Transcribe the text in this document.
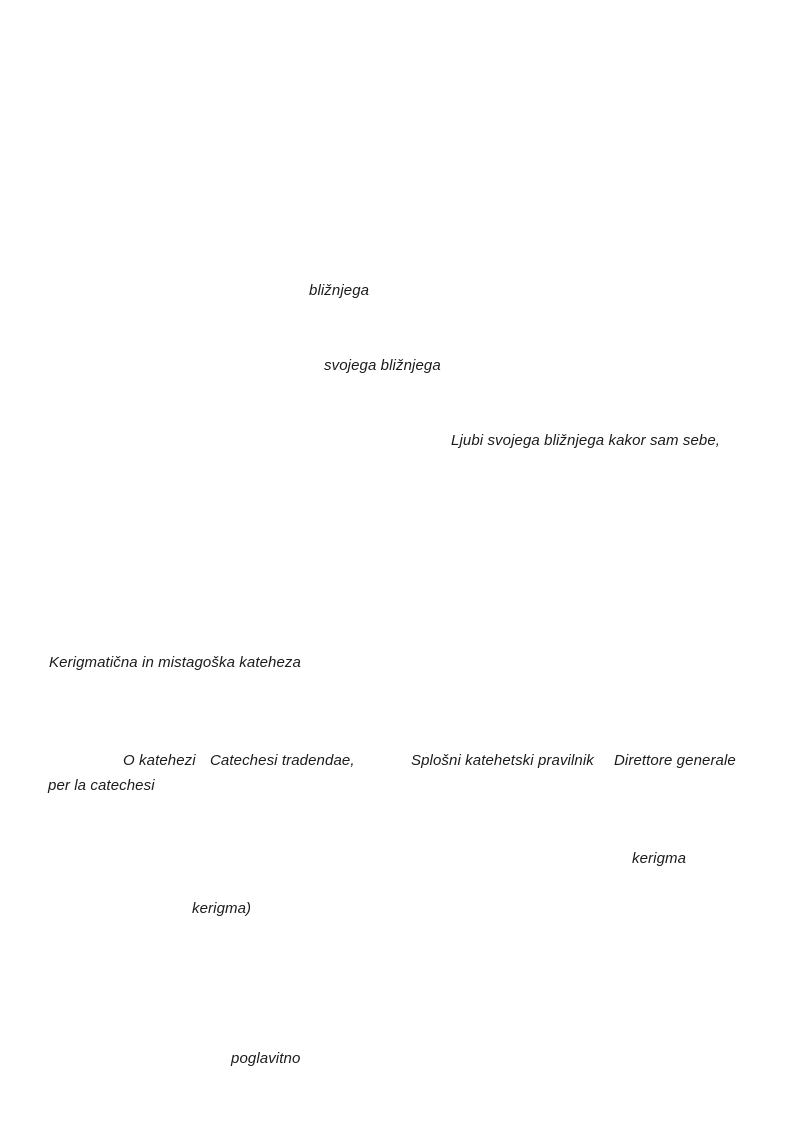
bližnjega
svojega bližnjega
Ljubi svojega bližnjega kakor sam sebe,
Kerigmatična in mistagoška kateheza
O katehezi Catechesi tradendae,	Splošni katehetski pravilnik Direttore generale
per la catechesi
kerigma
kerigma)
poglavitno
